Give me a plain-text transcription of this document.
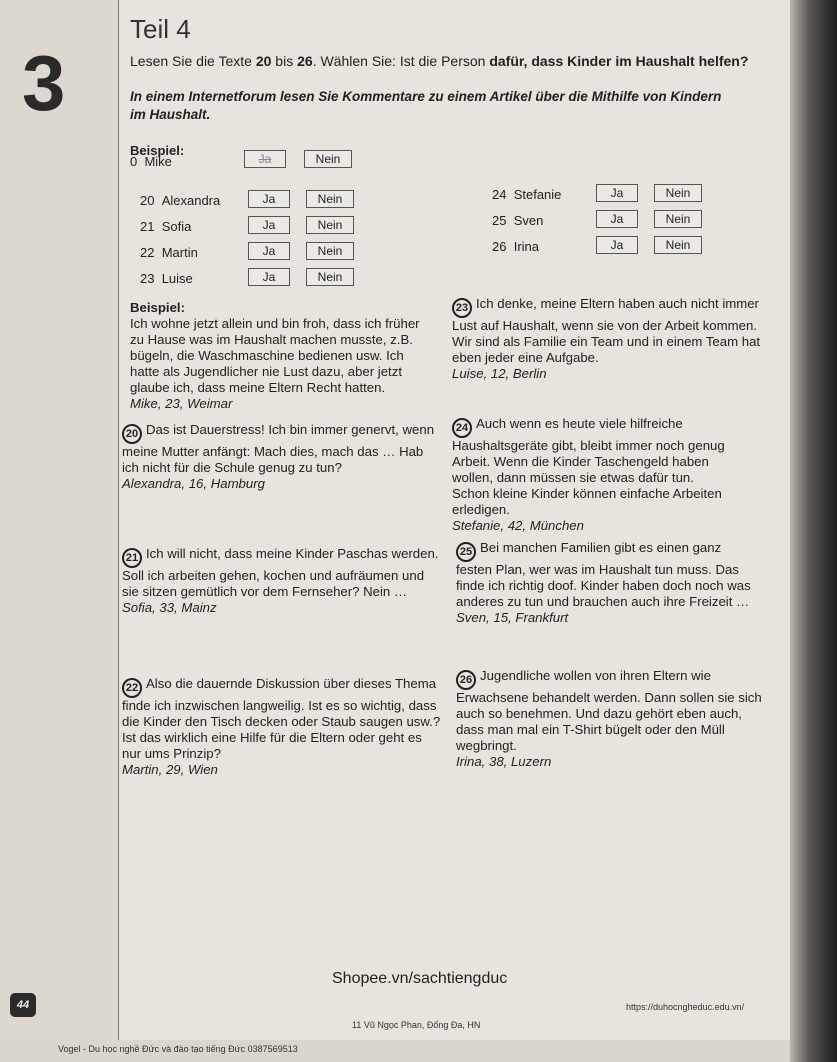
3
Teil 4
Lesen Sie die Texte 20 bis 26. Wählen Sie: Ist die Person dafür, dass Kinder im Haushalt helfen?
In einem Internetforum lesen Sie Kommentare zu einem Artikel über die Mithilfe von Kindern im Haushalt.
Beispiel:
0 Mike	Ja	Nein
20 Alexandra	Ja	Nein
21 Sofia	Ja	Nein
22 Martin	Ja	Nein
23 Luise	Ja	Nein
24 Stefanie	Ja	Nein
25 Sven	Ja	Nein
26 Irina	Ja	Nein
Beispiel:
Ich wohne jetzt allein und bin froh, dass ich früher zu Hause was im Haushalt machen musste, z.B. bügeln, die Waschmaschine bedienen usw. Ich hatte als Jugendlicher nie Lust dazu, aber jetzt glaube ich, dass meine Eltern Recht hatten.
Mike, 23, Weimar
23 Ich denke, meine Eltern haben auch nicht immer Lust auf Haushalt, wenn sie von der Arbeit kommen. Wir sind als Familie ein Team und in einem Team hat eben jeder eine Aufgabe.
Luise, 12, Berlin
20 Das ist Dauerstress! Ich bin immer genervt, wenn meine Mutter anfängt: Mach dies, mach das … Hab ich nicht für die Schule genug zu tun?
Alexandra, 16, Hamburg
24 Auch wenn es heute viele hilfreiche Haushaltsgeräte gibt, bleibt immer noch genug Arbeit. Wenn die Kinder Taschengeld haben wollen, dann müssen sie etwas dafür tun. Schon kleine Kinder können einfache Arbeiten erledigen.
Stefanie, 42, München
21 Ich will nicht, dass meine Kinder Paschas werden. Soll ich arbeiten gehen, kochen und aufräumen und sie sitzen gemütlich vor dem Fernseher? Nein …
Sofia, 33, Mainz
25 Bei manchen Familien gibt es einen ganz festen Plan, wer was im Haushalt tun muss. Das finde ich richtig doof. Kinder haben doch noch was anderes zu tun und brauchen auch ihre Freizeit …
Sven, 15, Frankfurt
22 Also die dauernde Diskussion über dieses Thema finde ich inzwischen langweilig. Ist es so wichtig, dass die Kinder den Tisch decken oder Staub saugen usw.? Ist das wirklich eine Hilfe für die Eltern oder geht es nur ums Prinzip?
Martin, 29, Wien
26 Jugendliche wollen von ihren Eltern wie Erwachsene behandelt werden. Dann sollen sie sich auch so benehmen. Und dazu gehört eben auch, dass man mal ein T-Shirt bügelt oder den Müll wegbringt.
Irina, 38, Luzern
Shopee.vn/sachtiengduc
44	https://duhocngheduc.edu.vn/
11 Vũ Ngọc Phan, Đống Đa, HN
Vogel - Du học nghề Đức và đào tạo tiếng Đức 0387569513
